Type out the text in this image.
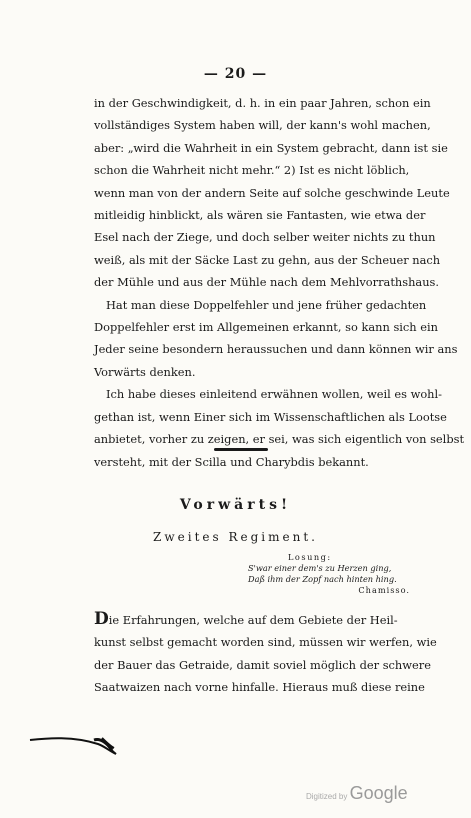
— 20 —
in der Geschwindigkeit, d. h. in ein paar Jahren, schon ein
vollständiges System haben will, der kann's wohl machen,
aber: „wird die Wahrheit in ein System gebracht, dann ist sie
schon die Wahrheit nicht mehr.“ 2) Ist es nicht löblich,
wenn man von der andern Seite auf solche geschwinde Leute
mitleidig hinblickt, als wären sie Fantasten, wie etwa der
Esel nach der Ziege, und doch selber weiter nichts zu thun
weiß, als mit der Säcke Last zu gehn, aus der Scheuer nach
der Mühle und aus der Mühle nach dem Mehlvorrathshaus.
Hat man diese Doppelfehler und jene früher gedachten
Doppelfehler erst im Allgemeinen erkannt, so kann sich ein
Jeder seine besondern heraussuchen und dann können wir ans
Vorwärts denken.
Ich habe dieses einleitend erwähnen wollen, weil es wohl-
gethan ist, wenn Einer sich im Wissenschaftlichen als Lootse
anbietet, vorher zu zeigen, er sei, was sich eigentlich von selbst
versteht, mit der Scilla und Charybdis bekannt.
Vorwärts!
Zweites Regiment.
Losung:
S'war einer dem's zu Herzen ging,
Daß ihm der Zopf nach hinten hing.
Chamisso.
Die Erfahrungen, welche auf dem Gebiete der Heil-
kunst selbst gemacht worden sind, müssen wir werfen, wie
der Bauer das Getraide, damit soviel möglich der schwere
Saatwaizen nach vorne hinfalle. Hieraus muß diese reine
Digitized by Google
